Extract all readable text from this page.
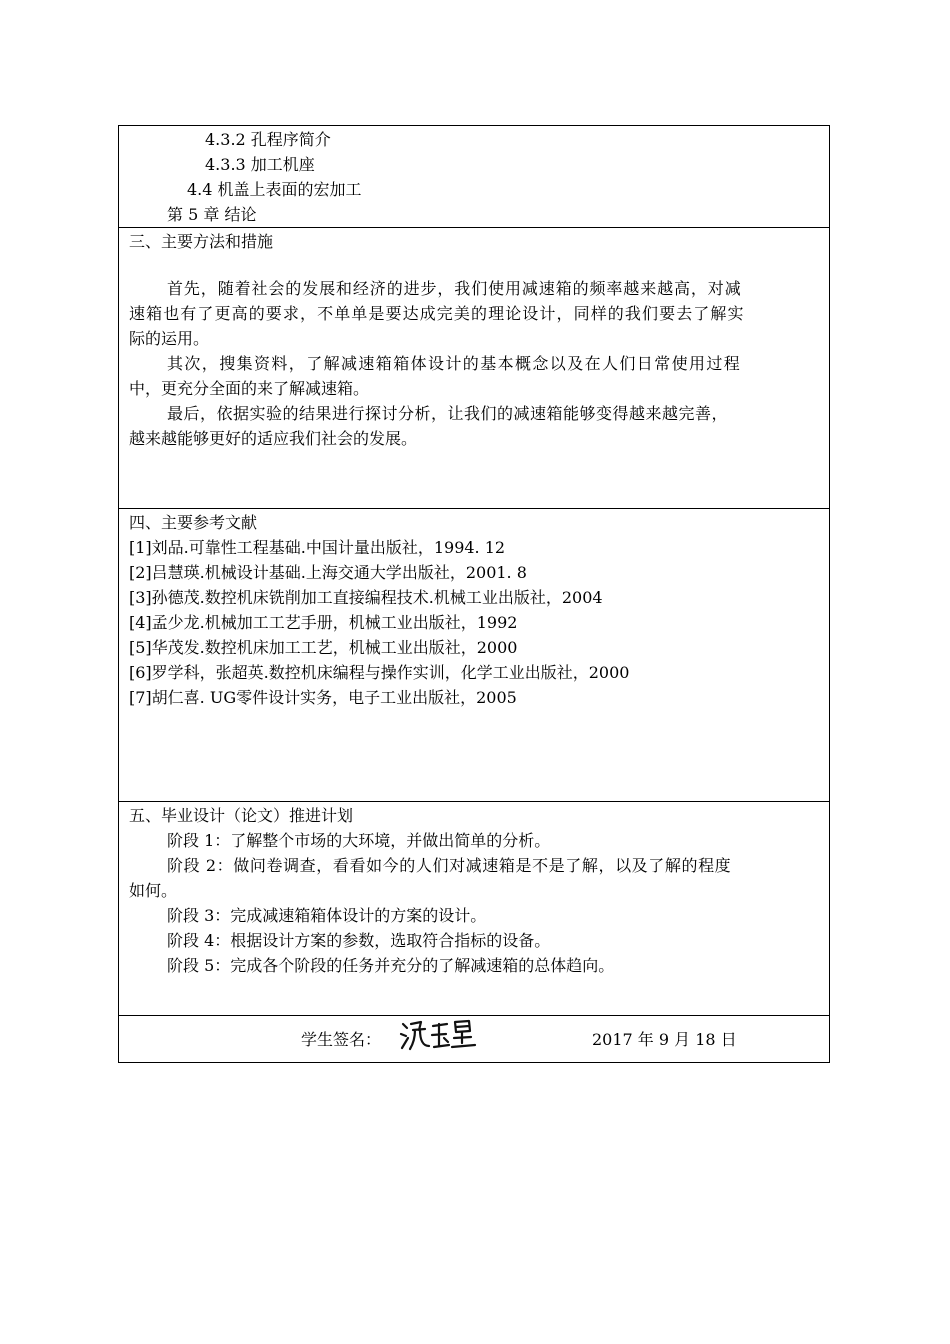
4.3.2 孔程序简介
4.3.3 加工机座
4.4 机盖上表面的宏加工
第 5 章 结论
三、主要方法和措施
首先，随着社会的发展和经济的进步，我们使用减速箱的频率越来越高，对减
速箱也有了更高的要求，不单单是要达成完美的理论设计，同样的我们要去了解实
际的运用。
其次，搜集资料，了解减速箱箱体设计的基本概念以及在人们日常使用过程
中，更充分全面的来了解减速箱。
最后，依据实验的结果进行探讨分析，让我们的减速箱能够变得越来越完善，
越来越能够更好的适应我们社会的发展。
四、主要参考文献
[1]刘品.可靠性工程基础.中国计量出版社，1994. 12
[2]吕慧瑛.机械设计基础.上海交通大学出版社，2001. 8
[3]孙德茂.数控机床铣削加工直接编程技术.机械工业出版社，2004
[4]孟少龙.机械加工工艺手册，机械工业出版社，1992
[5]华茂发.数控机床加工工艺，机械工业出版社，2000
[6]罗学科，张超英.数控机床编程与操作实训，化学工业出版社，2000
[7]胡仁喜. UG零件设计实务，电子工业出版社，2005
五、毕业设计（论文）推进计划
阶段 1：了解整个市场的大环境，并做出简单的分析。
阶段 2：做问卷调查，看看如今的人们对减速箱是不是了解，以及了解的程度
如何。
阶段 3：完成减速箱箱体设计的方案的设计。
阶段 4：根据设计方案的参数，选取符合指标的设备。
阶段 5：完成各个阶段的任务并充分的了解减速箱的总体趋向。
学生签名：	2017 年 9 月 18 日
